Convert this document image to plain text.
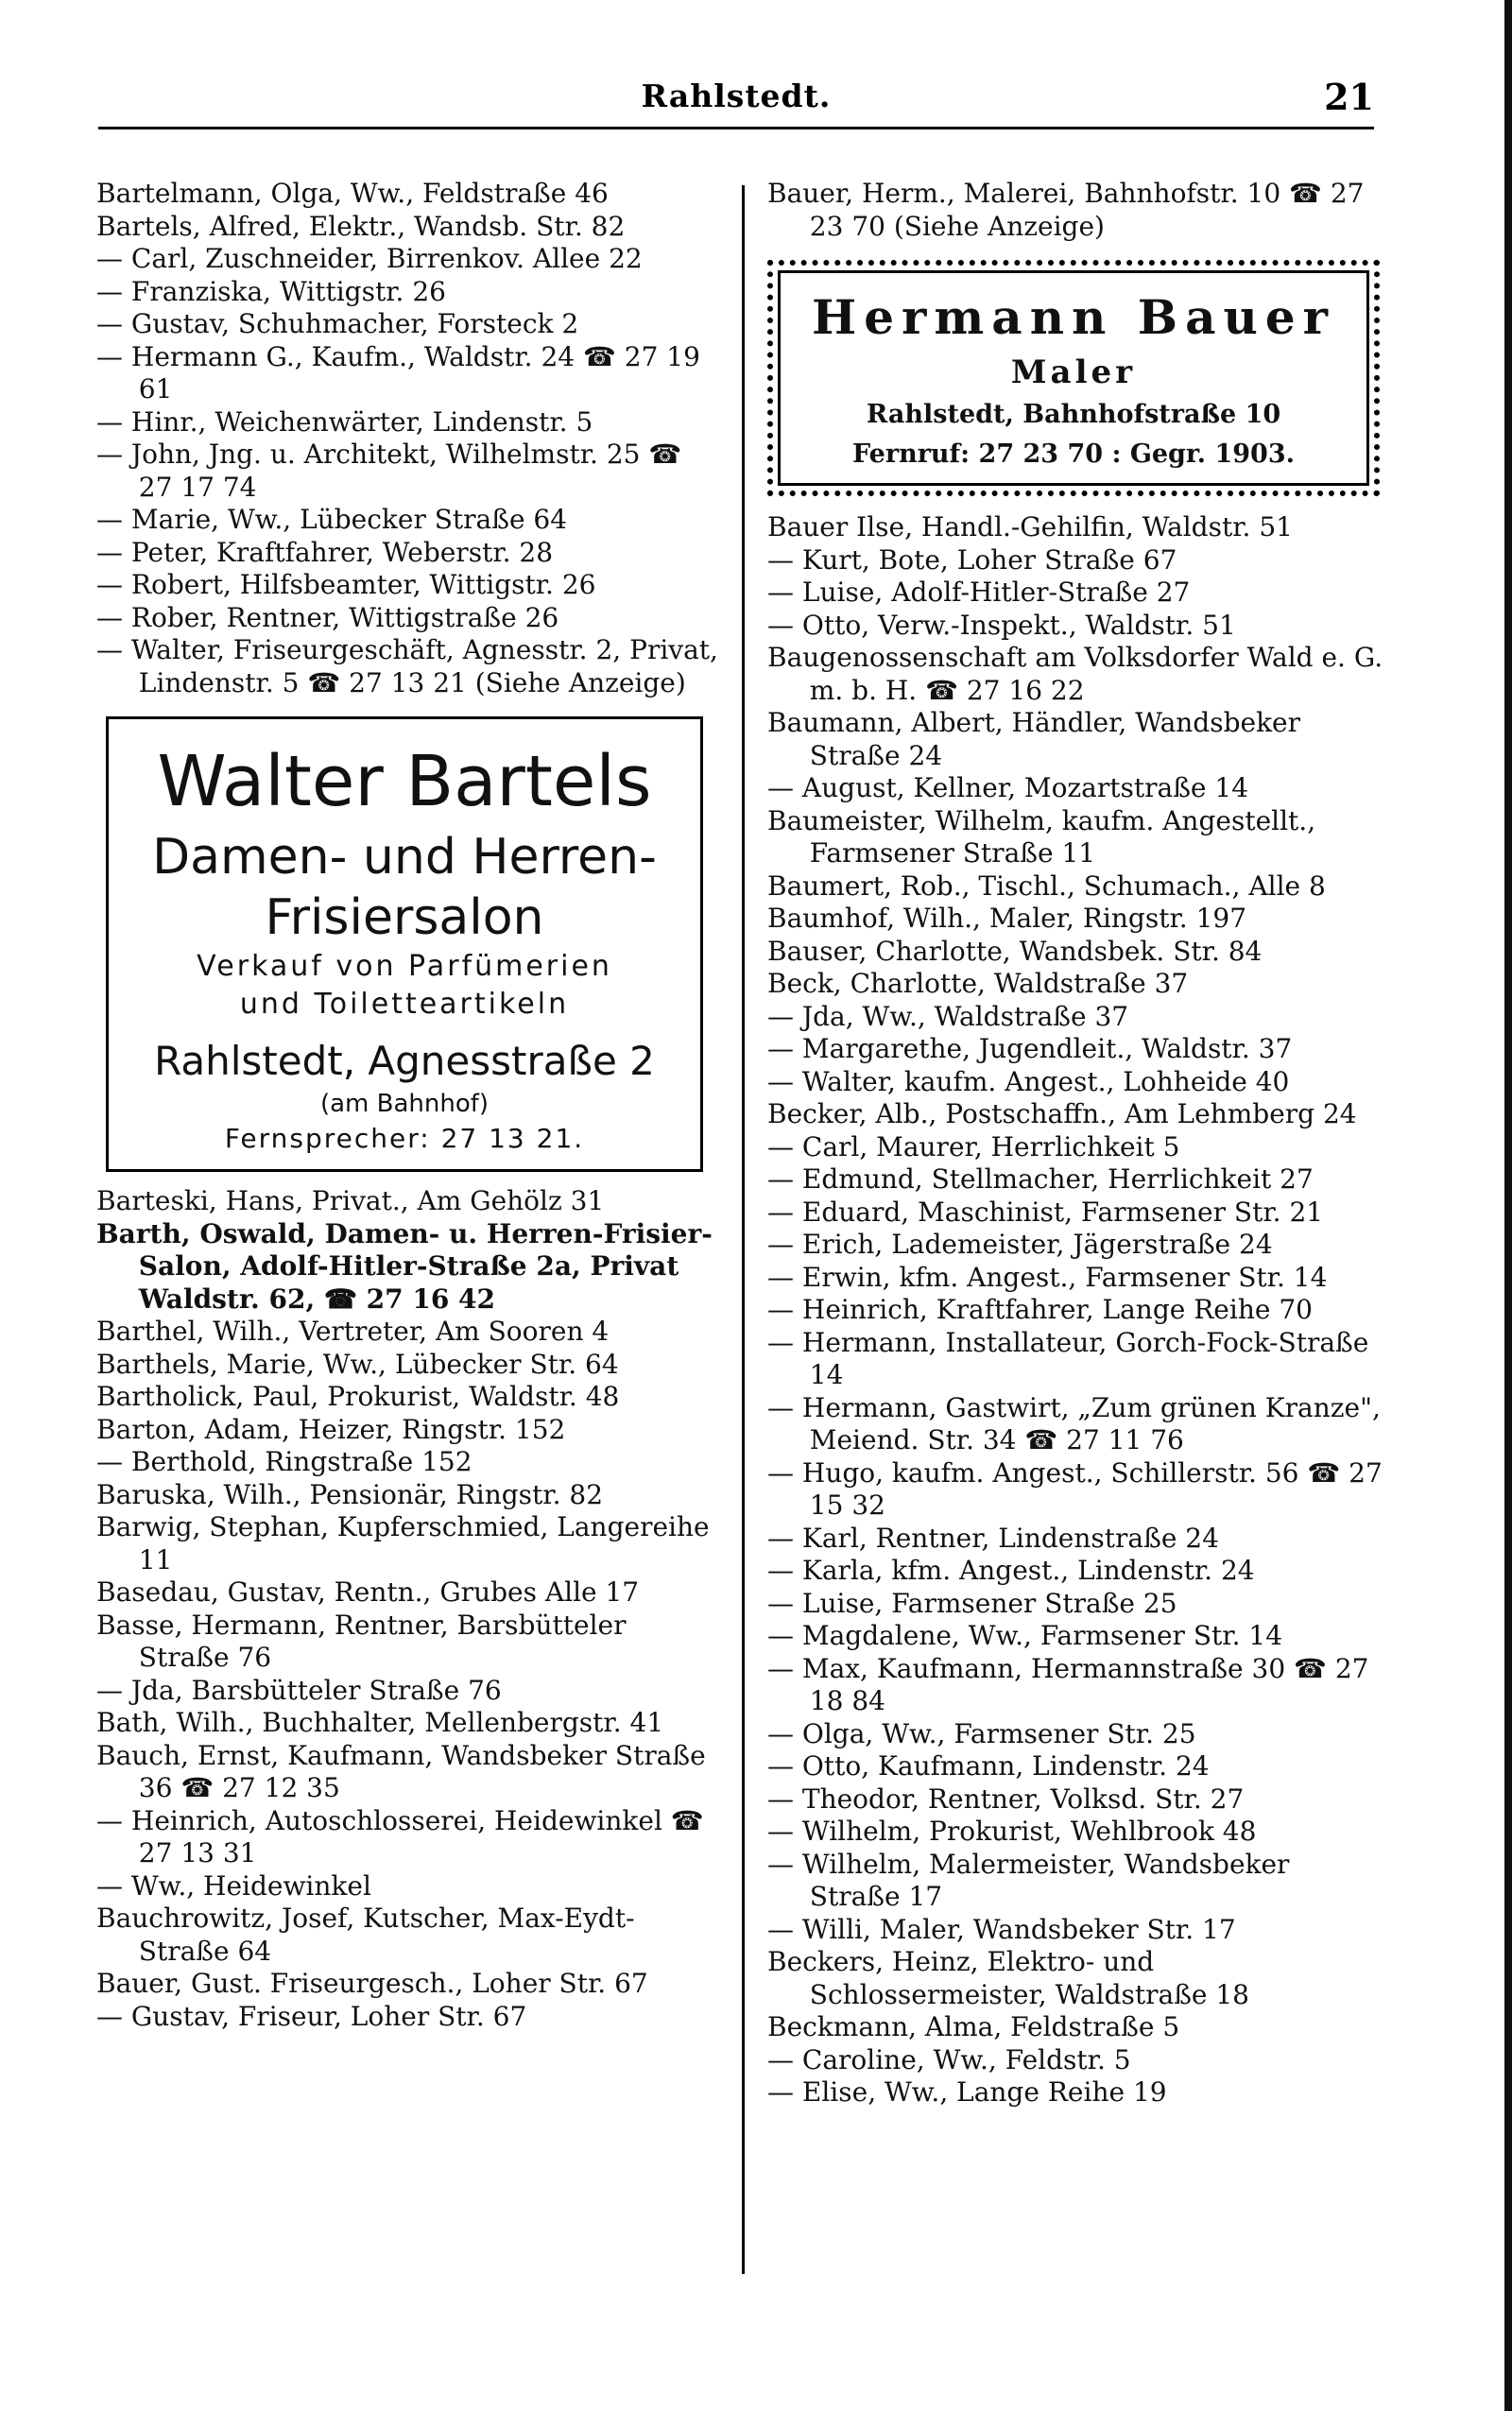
Rahlstedt.	21
Bartelmann, Olga, Ww., Feldstraße 46
Bartels, Alfred, Elektr., Wandsb. Str. 82
— Carl, Zuschneider, Birrenkov. Allee 22
— Franziska, Wittigstr. 26
— Gustav, Schuhmacher, Forsteck 2
— Hermann G., Kaufm., Waldstr. 24 ☎ 27 19 61
— Hinr., Weichenwärter, Lindenstr. 5
— John, Jng. u. Architekt, Wilhelmstr. 25 ☎ 27 17 74
— Marie, Ww., Lübecker Straße 64
— Peter, Kraftfahrer, Weberstr. 28
— Robert, Hilfsbeamter, Wittigstr. 26
— Rober, Rentner, Wittigstraße 26
— Walter, Friseurgeschäft, Agnesstr. 2, Privat, Lindenstr. 5 ☎ 27 13 21 (Siehe Anzeige)
Walter Bartels
Damen- und Herren-
Frisiersalon
Verkauf von Parfümerien
und Toiletteartikeln
Rahlstedt, Agnesstraße 2
(am Bahnhof)
Fernsprecher: 27 13 21.
Barteski, Hans, Privat., Am Gehölz 31
Barth, Oswald, Damen- u. Herren-Frisier-Salon, Adolf-Hitler-Straße 2a, Privat Waldstr. 62, ☎ 27 16 42
Barthel, Wilh., Vertreter, Am Sooren 4
Barthels, Marie, Ww., Lübecker Str. 64
Bartholick, Paul, Prokurist, Waldstr. 48
Barton, Adam, Heizer, Ringstr. 152
— Berthold, Ringstraße 152
Baruska, Wilh., Pensionär, Ringstr. 82
Barwig, Stephan, Kupferschmied, Langereihe 11
Basedau, Gustav, Rentn., Grubes Alle 17
Basse, Hermann, Rentner, Barsbütteler Straße 76
— Jda, Barsbütteler Straße 76
Bath, Wilh., Buchhalter, Mellenbergstr. 41
Bauch, Ernst, Kaufmann, Wandsbeker Straße 36 ☎ 27 12 35
— Heinrich, Autoschlosserei, Heidewinkel ☎ 27 13 31
— Ww., Heidewinkel
Bauchrowitz, Josef, Kutscher, Max-Eydt-Straße 64
Bauer, Gust. Friseurgesch., Loher Str. 67
— Gustav, Friseur, Loher Str. 67
Bauer, Herm., Malerei, Bahnhofstr. 10 ☎ 27 23 70 (Siehe Anzeige)
Hermann Bauer
Maler
Rahlstedt, Bahnhofstraße 10
Fernruf: 27 23 70 : Gegr. 1903.
Bauer Ilse, Handl.-Gehilfin, Waldstr. 51
— Kurt, Bote, Loher Straße 67
— Luise, Adolf-Hitler-Straße 27
— Otto, Verw.-Inspekt., Waldstr. 51
Baugenossenschaft am Volksdorfer Wald e. G. m. b. H. ☎ 27 16 22
Baumann, Albert, Händler, Wandsbeker Straße 24
— August, Kellner, Mozartstraße 14
Baumeister, Wilhelm, kaufm. Angestellt., Farmsener Straße 11
Baumert, Rob., Tischl., Schumach., Alle 8
Baumhof, Wilh., Maler, Ringstr. 197
Bauser, Charlotte, Wandsbek. Str. 84
Beck, Charlotte, Waldstraße 37
— Jda, Ww., Waldstraße 37
— Margarethe, Jugendleit., Waldstr. 37
— Walter, kaufm. Angest., Lohheide 40
Becker, Alb., Postschaffn., Am Lehmberg 24
— Carl, Maurer, Herrlichkeit 5
— Edmund, Stellmacher, Herrlichkeit 27
— Eduard, Maschinist, Farmsener Str. 21
— Erich, Lademeister, Jägerstraße 24
— Erwin, kfm. Angest., Farmsener Str. 14
— Heinrich, Kraftfahrer, Lange Reihe 70
— Hermann, Installateur, Gorch-Fock-Straße 14
— Hermann, Gastwirt, „Zum grünen Kranze", Meiend. Str. 34 ☎ 27 11 76
— Hugo, kaufm. Angest., Schillerstr. 56 ☎ 27 15 32
— Karl, Rentner, Lindenstraße 24
— Karla, kfm. Angest., Lindenstr. 24
— Luise, Farmsener Straße 25
— Magdalene, Ww., Farmsener Str. 14
— Max, Kaufmann, Hermannstraße 30 ☎ 27 18 84
— Olga, Ww., Farmsener Str. 25
— Otto, Kaufmann, Lindenstr. 24
— Theodor, Rentner, Volksd. Str. 27
— Wilhelm, Prokurist, Wehlbrook 48
— Wilhelm, Malermeister, Wandsbeker Straße 17
— Willi, Maler, Wandsbeker Str. 17
Beckers, Heinz, Elektro- und Schlossermeister, Waldstraße 18
Beckmann, Alma, Feldstraße 5
— Caroline, Ww., Feldstr. 5
— Elise, Ww., Lange Reihe 19
